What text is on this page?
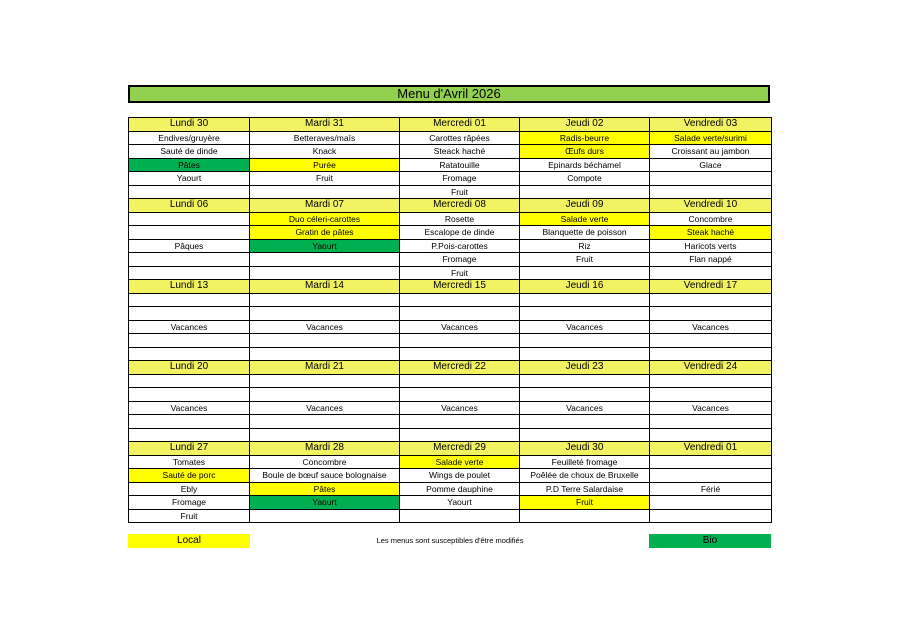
Menu d'Avril 2026
Lundi 30	Mardi 31	Mercredi 01	Jeudi 02	Vendredi 03
Endives/gruyère	Betteraves/maïs	Carottes râpées	Radis-beurre	Salade verte/surimi
Sauté de dinde	Knack	Steack haché	Œufs durs	Croissant au jambon
Pâtes	Purée	Ratatouille	Epinards béchamel	Glace
Yaourt	Fruit	Fromage	Compote	
		Fruit		
Lundi 06	Mardi 07	Mercredi 08	Jeudi 09	Vendredi 10
	Duo céleri-carottes	Rosette	Salade verte	Concombre
	Gratin de pâtes	Escalope de dinde	Blanquette de poisson	Steak haché
Pâques	Yaourt	P.Pois-carottes	Riz	Haricots verts
		Fromage	Fruit	Flan nappé
		Fruit		
Lundi 13	Mardi 14	Mercredi 15	Jeudi 16	Vendredi 17

Vacances	Vacances	Vacances	Vacances	Vacances

Lundi 20	Mardi 21	Mercredi 22	Jeudi 23	Vendredi 24

Vacances	Vacances	Vacances	Vacances	Vacances

Lundi 27	Mardi 28	Mercredi 29	Jeudi 30	Vendredi 01
Tomates	Concombre	Salade verte	Feuilleté fromage	
Sauté de porc	Boule de bœuf sauce bolognaise	Wings de poulet	Poêlée de choux de Bruxelle	
Ebly	Pâtes	Pomme dauphine	P.D Terre Salardaise	Férié
Fromage	Yaourt	Yaourt	Fruit	
Fruit				
Local	Les menus sont susceptibles d'être modifiés	Bio
